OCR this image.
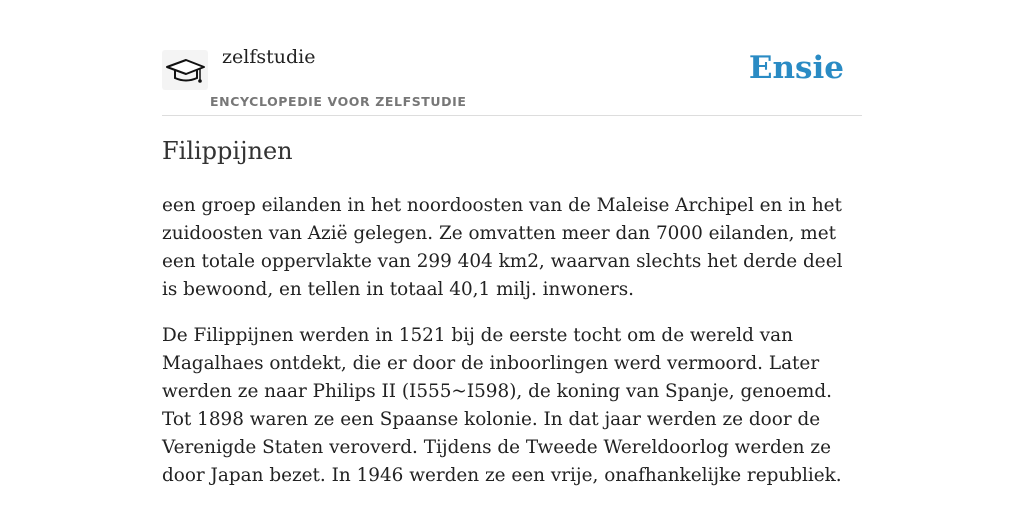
zelfstudie
ENCYCLOPEDIE VOOR ZELFSTUDIE
Ensie
Filippijnen

een groep eilanden in het noordoosten van de Maleise Archipel en in het zuidoosten van Azië gelegen. Ze omvatten meer dan 7000 eilanden, met een totale oppervlakte van 299 404 km2, waarvan slechts het derde deel is bewoond, en tellen in totaal 40,1 milj. inwoners.

De Filippijnen werden in 1521 bij de eerste tocht om de wereld van Magalhaes ontdekt, die er door de inboorlingen werd vermoord. Later werden ze naar Philips II (I555~I598), de koning van Spanje, genoemd. Tot 1898 waren ze een Spaanse kolonie. In dat jaar werden ze door de Verenigde Staten veroverd. Tijdens de Tweede Wereldoorlog werden ze door Japan bezet. In 1946 werden ze een vrije, onafhankelijke republiek.
